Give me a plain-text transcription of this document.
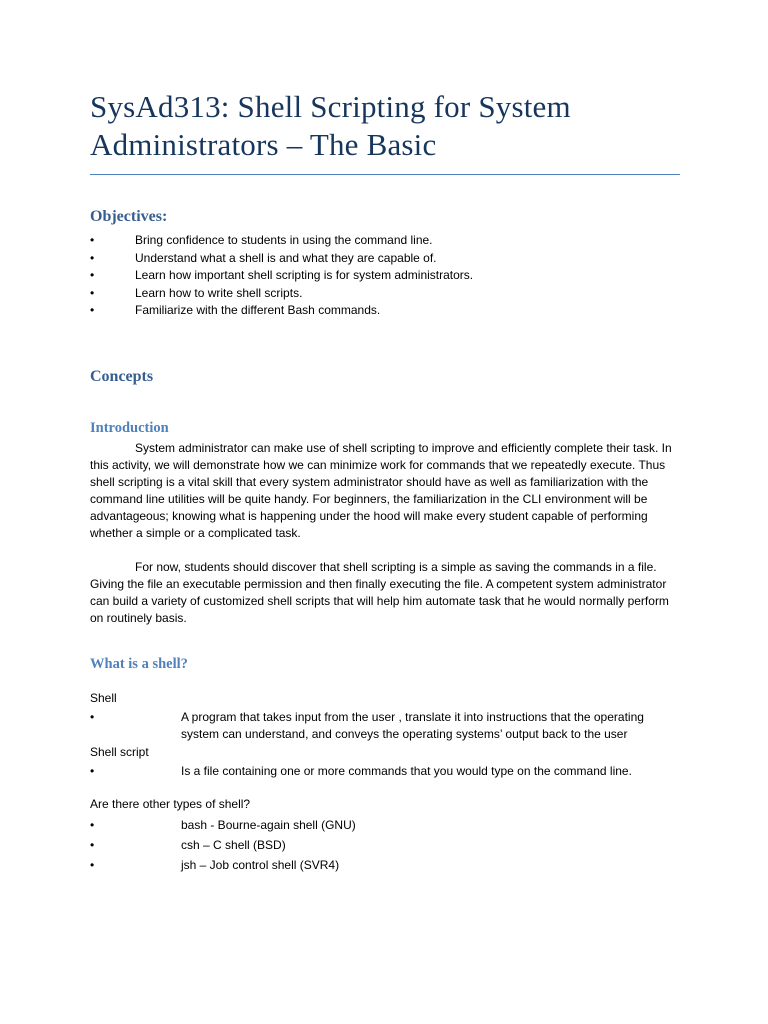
SysAd313: Shell Scripting for System
Administrators – The Basic
Objectives:
•	Bring confidence to students in using the command line.
•	Understand what a shell is and what they are capable of.
•	Learn how important shell scripting is for system administrators.
•	Learn how to write shell scripts.
•	Familiarize with the different Bash commands.
Concepts
Introduction

System administrator can make use of shell scripting to improve and efficiently complete their task. In this activity, we will demonstrate how we can minimize work for commands that we repeatedly execute. Thus shell scripting is a vital skill that every system administrator should have as well as familiarization with the command line utilities will be quite handy. For beginners, the familiarization in the CLI environment will be advantageous; knowing what is happening under the hood will make every student capable of performing whether a simple or a complicated task.

For now, students should discover that shell scripting is a simple as saving the commands in a file. Giving the file an executable permission and then finally executing the file. A competent system administrator can build a variety of customized shell scripts that will help him automate task that he would normally perform on routinely basis.

What is a shell?

Shell

•	A program that takes input from the user , translate it into instructions that the operating system can understand, and conveys the operating systems’ output back to the user

Shell script

•	Is a file containing one or more commands that you would type on the command line.

Are there other types of shell?

•	bash - Bourne-again shell (GNU)
•	csh – C shell (BSD)
•	jsh – Job control shell (SVR4)
